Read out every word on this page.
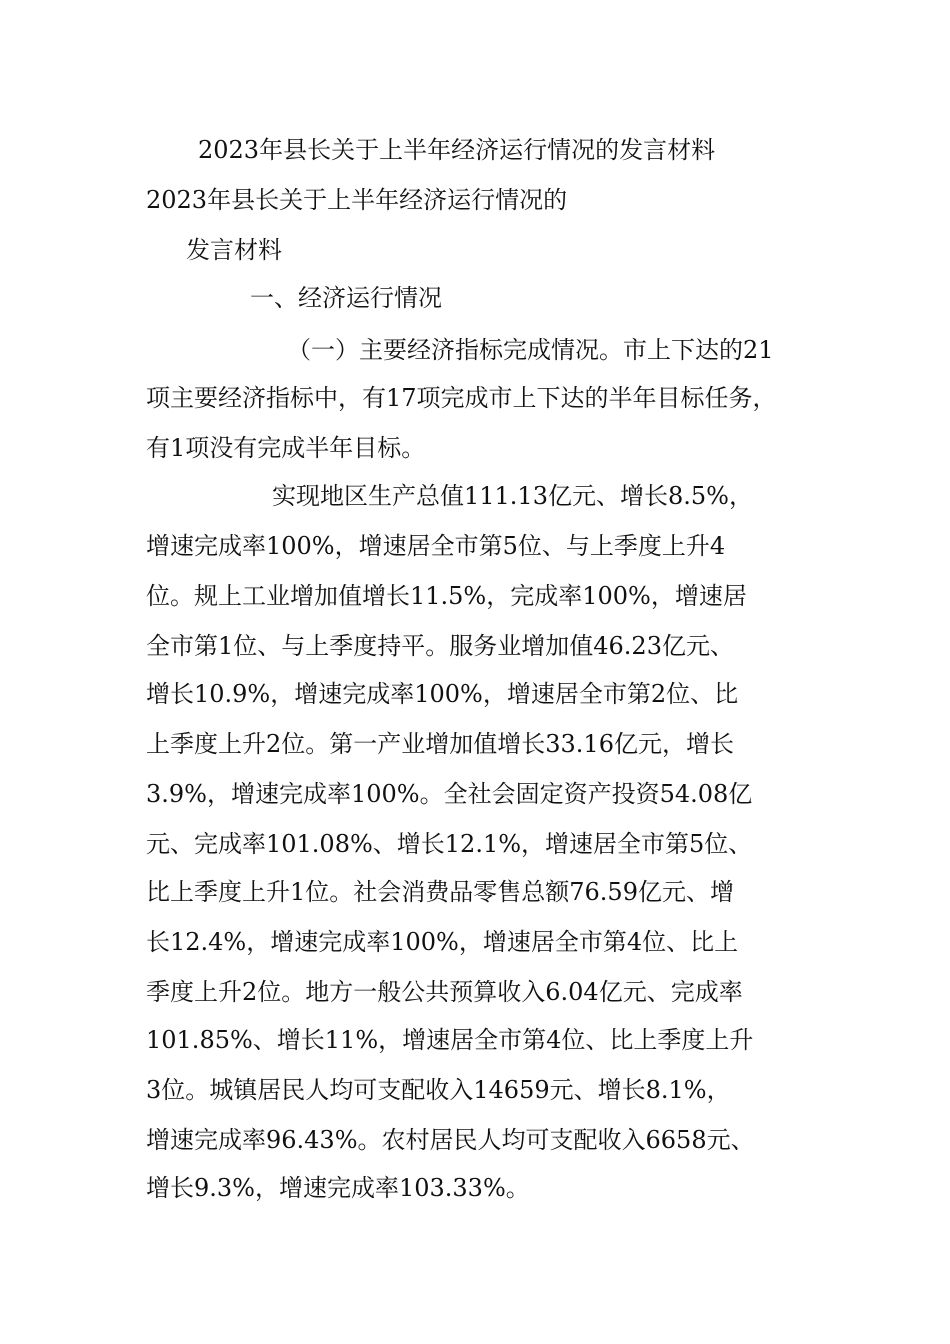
2023年县长关于上半年经济运行情况的发言材料
2023年县长关于上半年经济运行情况的
发言材料
一、经济运行情况
（一）主要经济指标完成情况。市上下达的21
项主要经济指标中，有17项完成市上下达的半年目标任务，
有1项没有完成半年目标。
实现地区生产总值111.13亿元、增长8.5%，
增速完成率100%，增速居全市第5位、与上季度上升4
位。规上工业增加值增长11.5%，完成率100%，增速居
全市第1位、与上季度持平。服务业增加值46.23亿元、
增长10.9%，增速完成率100%，增速居全市第2位、比
上季度上升2位。第一产业增加值增长33.16亿元，增长
3.9%，增速完成率100%。全社会固定资产投资54.08亿
元、完成率101.08%、增长12.1%，增速居全市第5位、
比上季度上升1位。社会消费品零售总额76.59亿元、增
长12.4%，增速完成率100%，增速居全市第4位、比上
季度上升2位。地方一般公共预算收入6.04亿元、完成率
101.85%、增长11%，增速居全市第4位、比上季度上升
3位。城镇居民人均可支配收入14659元、增长8.1%，
增速完成率96.43%。农村居民人均可支配收入6658元、
增长9.3%，增速完成率103.33%。
